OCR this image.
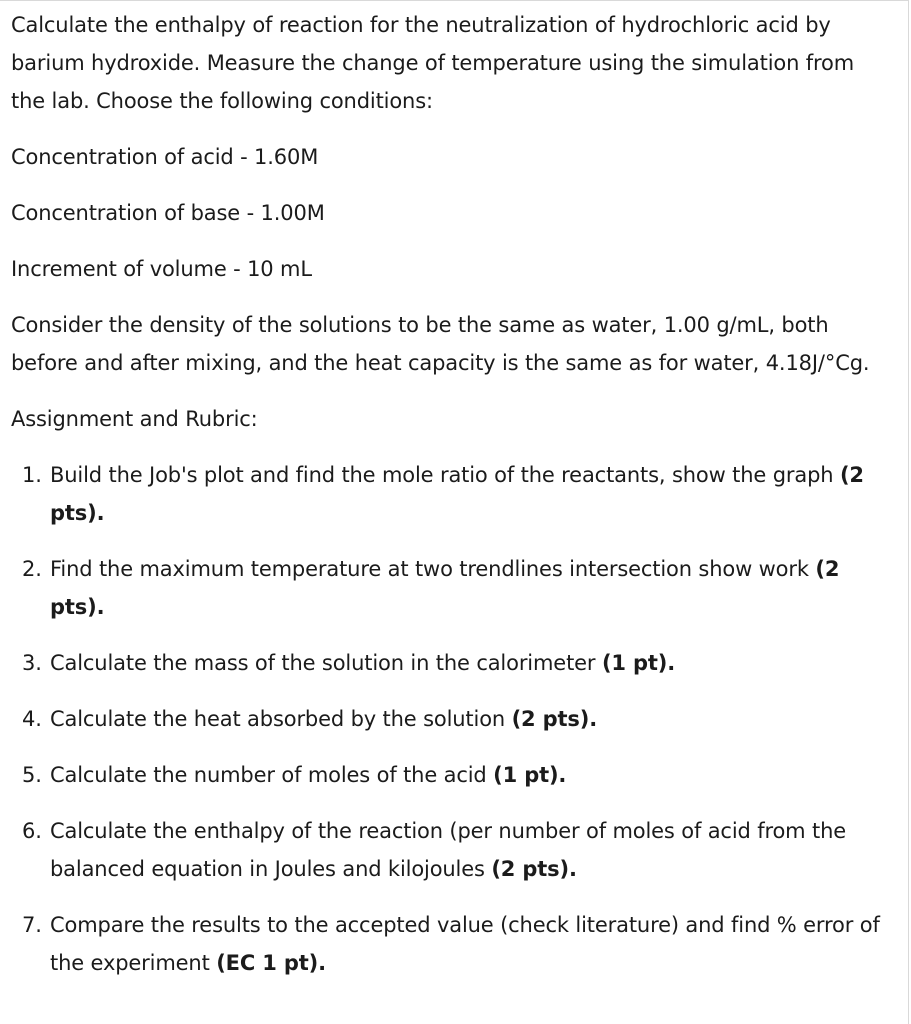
Calculate the enthalpy of reaction for the neutralization of hydrochloric acid by barium hydroxide. Measure the change of temperature using the simulation from the lab. Choose the following conditions:

Concentration of acid - 1.60M

Concentration of base - 1.00M

Increment of volume - 10 mL

Consider the density of the solutions to be the same as water, 1.00 g/mL, both before and after mixing, and the heat capacity is the same as for water, 4.18J/°Cg.

Assignment and Rubric:

1. Build the Job's plot and find the mole ratio of the reactants, show the graph (2 pts).
2. Find the maximum temperature at two trendlines intersection show work (2 pts).
3. Calculate the mass of the solution in the calorimeter (1 pt).
4. Calculate the heat absorbed by the solution (2 pts).
5. Calculate the number of moles of the acid (1 pt).
6. Calculate the enthalpy of the reaction (per number of moles of acid from the balanced equation in Joules and kilojoules (2 pts).
7. Compare the results to the accepted value (check literature) and find % error of the experiment (EC 1 pt).
